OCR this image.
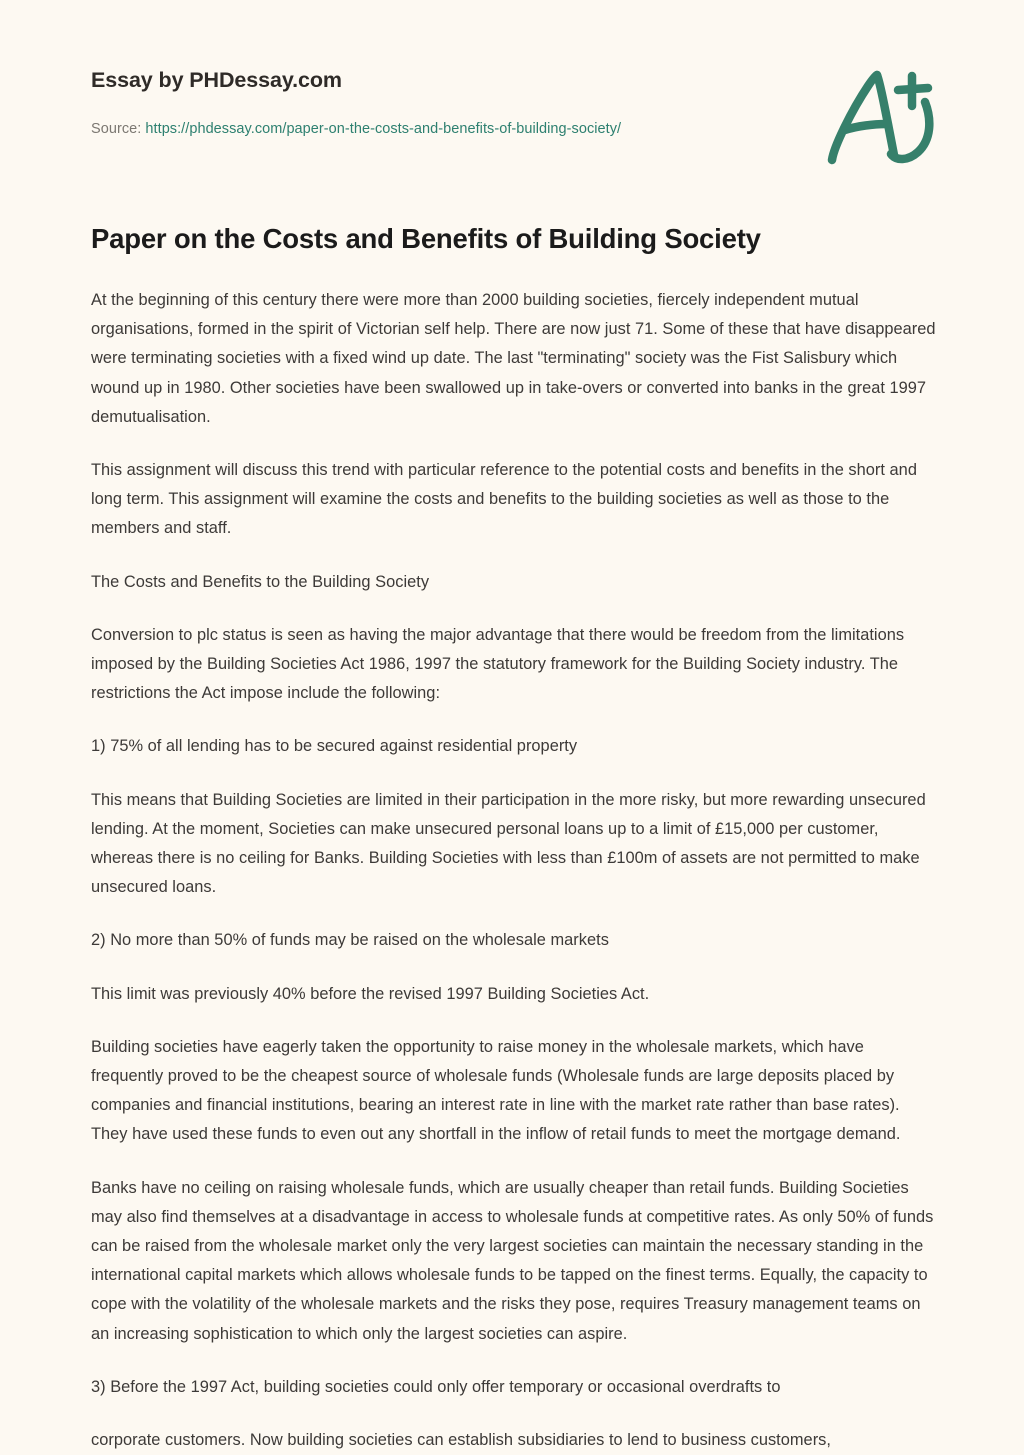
Essay by PHDessay.com
Source: https://phdessay.com/paper-on-the-costs-and-benefits-of-building-society/
Paper on the Costs and Benefits of Building Society

At the beginning of this century there were more than 2000 building societies, fiercely independent mutual organisations, formed in the spirit of Victorian self help. There are now just 71. Some of these that have disappeared were terminating societies with a fixed wind up date. The last "terminating" society was the Fist Salisbury which wound up in 1980. Other societies have been swallowed up in take-overs or converted into banks in the great 1997 demutualisation.

This assignment will discuss this trend with particular reference to the potential costs and benefits in the short and long term. This assignment will examine the costs and benefits to the building societies as well as those to the members and staff.

The Costs and Benefits to the Building Society

Conversion to plc status is seen as having the major advantage that there would be freedom from the limitations imposed by the Building Societies Act 1986, 1997 the statutory framework for the Building Society industry. The restrictions the Act impose include the following:

1) 75% of all lending has to be secured against residential property

This means that Building Societies are limited in their participation in the more risky, but more rewarding unsecured lending. At the moment, Societies can make unsecured personal loans up to a limit of £15,000 per customer, whereas there is no ceiling for Banks. Building Societies with less than £100m of assets are not permitted to make unsecured loans.

2) No more than 50% of funds may be raised on the wholesale markets

This limit was previously 40% before the revised 1997 Building Societies Act.

Building societies have eagerly taken the opportunity to raise money in the wholesale markets, which have frequently proved to be the cheapest source of wholesale funds (Wholesale funds are large deposits placed by companies and financial institutions, bearing an interest rate in line with the market rate rather than base rates). They have used these funds to even out any shortfall in the inflow of retail funds to meet the mortgage demand.

Banks have no ceiling on raising wholesale funds, which are usually cheaper than retail funds. Building Societies may also find themselves at a disadvantage in access to wholesale funds at competitive rates. As only 50% of funds can be raised from the wholesale market only the very largest societies can maintain the necessary standing in the international capital markets which allows wholesale funds to be tapped on the finest terms. Equally, the capacity to cope with the volatility of the wholesale markets and the risks they pose, requires Treasury management teams on an increasing sophistication to which only the largest societies can aspire.

3) Before the 1997 Act, building societies could only offer temporary or occasional overdrafts to

corporate customers. Now building societies can establish subsidiaries to lend to business customers,
